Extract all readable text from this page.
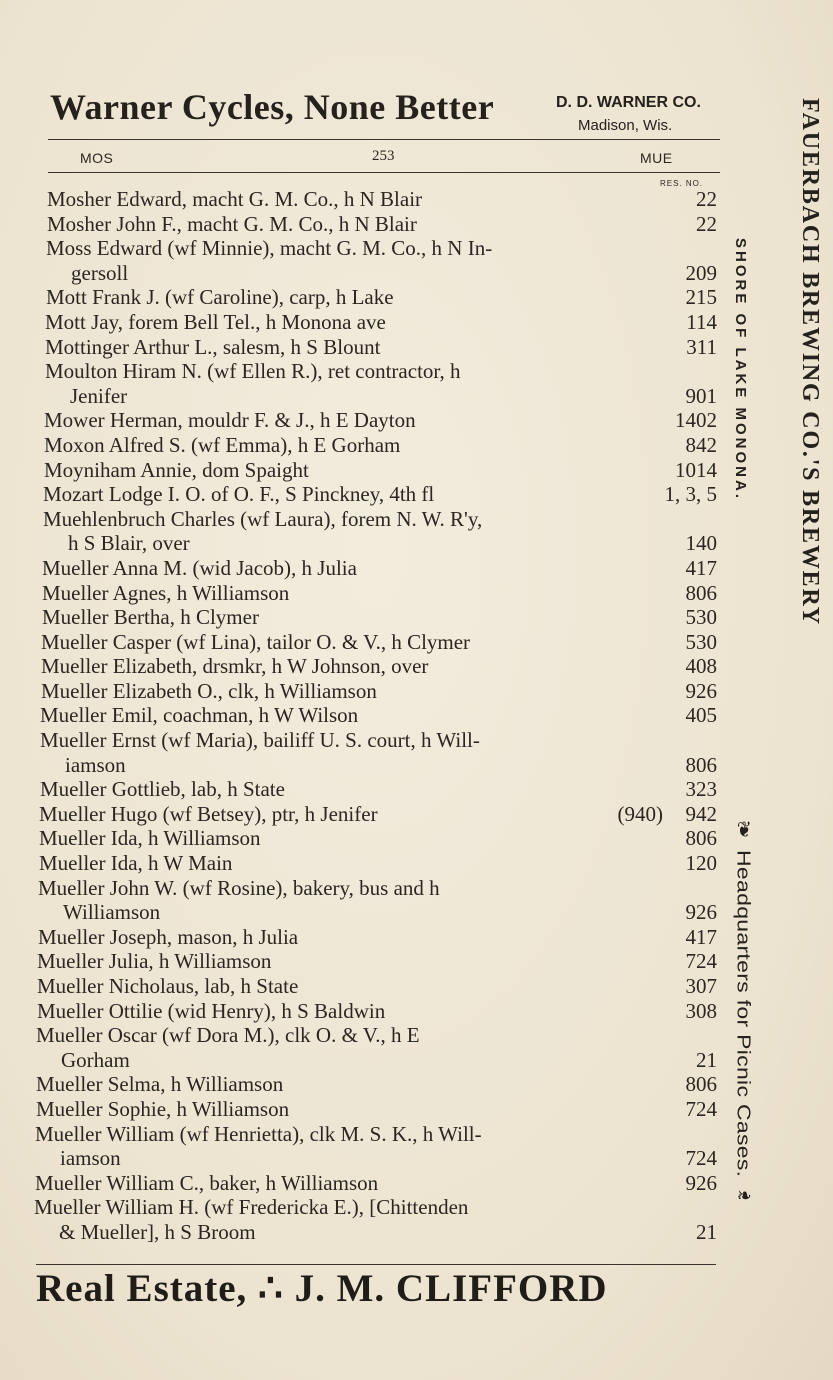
Warner Cycles, None Better	D. D. WARNER CO.
Madison, Wis.
MOS	253	MUE
RES. NO.
Mosher Edward, macht G. M. Co., h N Blair	22
Mosher John F., macht G. M. Co., h N Blair	22
Moss Edward (wf Minnie), macht G. M. Co., h N In-
gersoll	209
Mott Frank J. (wf Caroline), carp, h Lake	215
Mott Jay, forem Bell Tel., h Monona ave	114
Mottinger Arthur L., salesm, h S Blount	311
Moulton Hiram N. (wf Ellen R.), ret contractor, h
Jenifer	901
Mower Herman, mouldr F. & J., h E Dayton	1402
Moxon Alfred S. (wf Emma), h E Gorham	842
Moyniham Annie, dom Spaight	1014
Mozart Lodge I. O. of O. F., S Pinckney, 4th fl	1, 3, 5
Muehlenbruch Charles (wf Laura), forem N. W. R'y,
h S Blair, over	140
Mueller Anna M. (wid Jacob), h Julia	417
Mueller Agnes, h Williamson	806
Mueller Bertha, h Clymer	530
Mueller Casper (wf Lina), tailor O. & V., h Clymer	530
Mueller Elizabeth, drsmkr, h W Johnson, over	408
Mueller Elizabeth O., clk, h Williamson	926
Mueller Emil, coachman, h W Wilson	405
Mueller Ernst (wf Maria), bailiff U. S. court, h Will-
iamson	806
Mueller Gottlieb, lab, h State	323
Mueller Hugo (wf Betsey), ptr, h Jenifer	(940) 942
Mueller Ida, h Williamson	806
Mueller Ida, h W Main	120
Mueller John W. (wf Rosine), bakery, bus and h
Williamson	926
Mueller Joseph, mason, h Julia	417
Mueller Julia, h Williamson	724
Mueller Nicholaus, lab, h State	307
Mueller Ottilie (wid Henry), h S Baldwin	308
Mueller Oscar (wf Dora M.), clk O. & V., h E
Gorham	21
Mueller Selma, h Williamson	806
Mueller Sophie, h Williamson	724
Mueller William (wf Henrietta), clk M. S. K., h Will-
iamson	724
Mueller William C., baker, h Williamson	926
Mueller William H. (wf Fredericka E.), [Chittenden
& Mueller], h S Broom	21
Real Estate, ∴ J. M. CLIFFORD
FAUERBACH BREWING CO.'S BREWERY
SHORE OF LAKE MONONA.
❦ Headquarters for Picnic Cases. ❧
